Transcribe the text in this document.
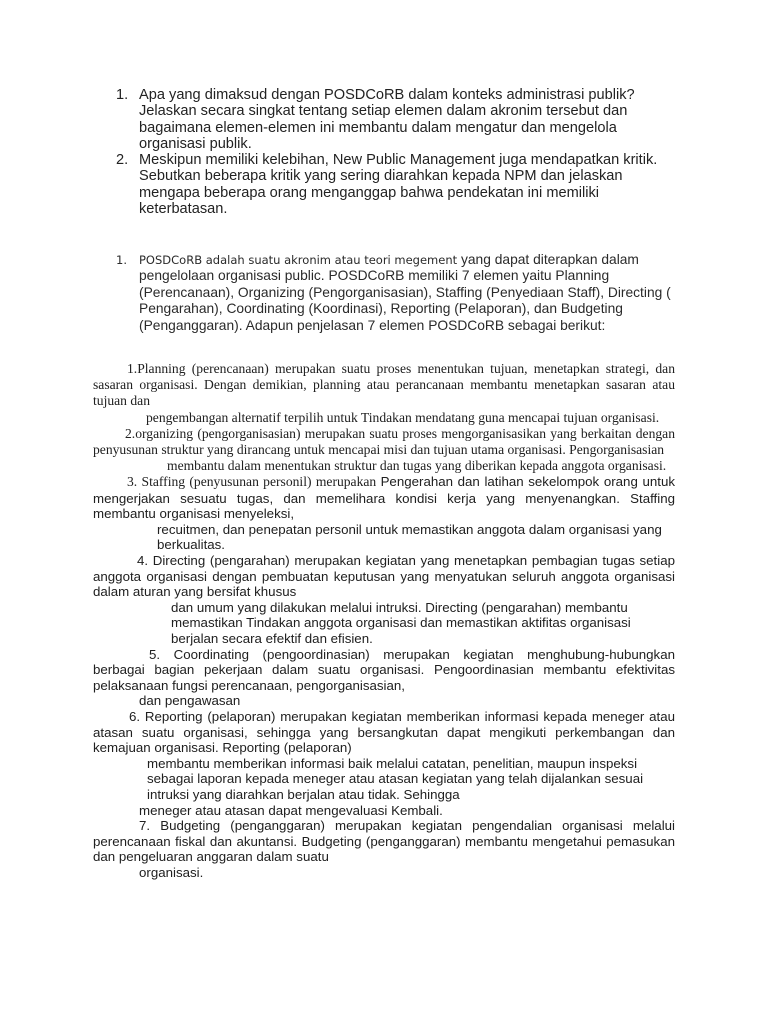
1. Apa yang dimaksud dengan POSDCoRB dalam konteks administrasi publik? Jelaskan secara singkat tentang setiap elemen dalam akronim tersebut dan bagaimana elemen-elemen ini membantu dalam mengatur dan mengelola organisasi publik.
2. Meskipun memiliki kelebihan, New Public Management juga mendapatkan kritik. Sebutkan beberapa kritik yang sering diarahkan kepada NPM dan jelaskan mengapa beberapa orang menganggap bahwa pendekatan ini memiliki keterbatasan.
1.	POSDCoRB adalah suatu akronim atau teori megement yang dapat diterapkan dalam pengelolaan organisasi public. POSDCoRB memiliki 7 elemen yaitu Planning (Perencanaan), Organizing (Pengorganisasian), Staffing (Penyediaan Staff), Directing ( Pengarahan), Coordinating (Koordinasi), Reporting (Pelaporan), dan Budgeting (Penganggaran). Adapun penjelasan 7 elemen POSDCoRB sebagai berikut:

1.Planning (perencanaan) merupakan suatu proses menentukan tujuan, menetapkan strategi, dan sasaran organisasi. Dengan demikian, planning atau perancanaan membantu menetapkan sasaran atau tujuan dan

pengembangan alternatif terpilih untuk Tindakan mendatang guna mencapai tujuan organisasi.

2.organizing (pengorganisasian) merupakan suatu proses mengorganisasikan yang berkaitan dengan penyusunan struktur yang dirancang untuk mencapai misi dan tujuan utama organisasi. Pengorganisasian

membantu dalam menentukan struktur dan tugas yang diberikan kepada anggota organisasi.

3. Staffing (penyusunan personil) merupakan Pengerahan dan latihan sekelompok orang untuk mengerjakan sesuatu tugas, dan memelihara kondisi kerja yang menyenangkan. Staffing membantu organisasi menyeleksi,

recuitmen, dan penepatan personil untuk memastikan anggota dalam organisasi yang berkualitas.

4. Directing (pengarahan) merupakan kegiatan yang menetapkan pembagian tugas setiap anggota organisasi dengan pembuatan keputusan yang menyatukan seluruh anggota organisasi dalam aturan yang bersifat khusus

dan umum yang dilakukan melalui intruksi. Directing (pengarahan) membantu memastikan Tindakan anggota organisasi dan memastikan aktifitas organisasi berjalan secara efektif dan efisien.

5. Coordinating (pengoordinasian) merupakan kegiatan menghubung-hubungkan berbagai bagian pekerjaan dalam suatu organisasi. Pengoordinasian membantu efektivitas pelaksanaan fungsi perencanaan, pengorganisasian,

dan pengawasan

6. Reporting (pelaporan) merupakan kegiatan memberikan informasi kepada meneger atau atasan suatu organisasi, sehingga yang bersangkutan dapat mengikuti perkembangan dan kemajuan organisasi. Reporting (pelaporan)

membantu memberikan informasi baik melalui catatan, penelitian, maupun inspeksi sebagai laporan kepada meneger atau atasan kegiatan yang telah dijalankan sesuai intruksi yang diarahkan berjalan atau tidak. Sehingga

meneger atau atasan dapat mengevaluasi Kembali.

7. Budgeting (penganggaran) merupakan kegiatan pengendalian organisasi melalui perencanaan fiskal dan akuntansi. Budgeting (penganggaran) membantu mengetahui pemasukan dan pengeluaran anggaran dalam suatu

organisasi.
